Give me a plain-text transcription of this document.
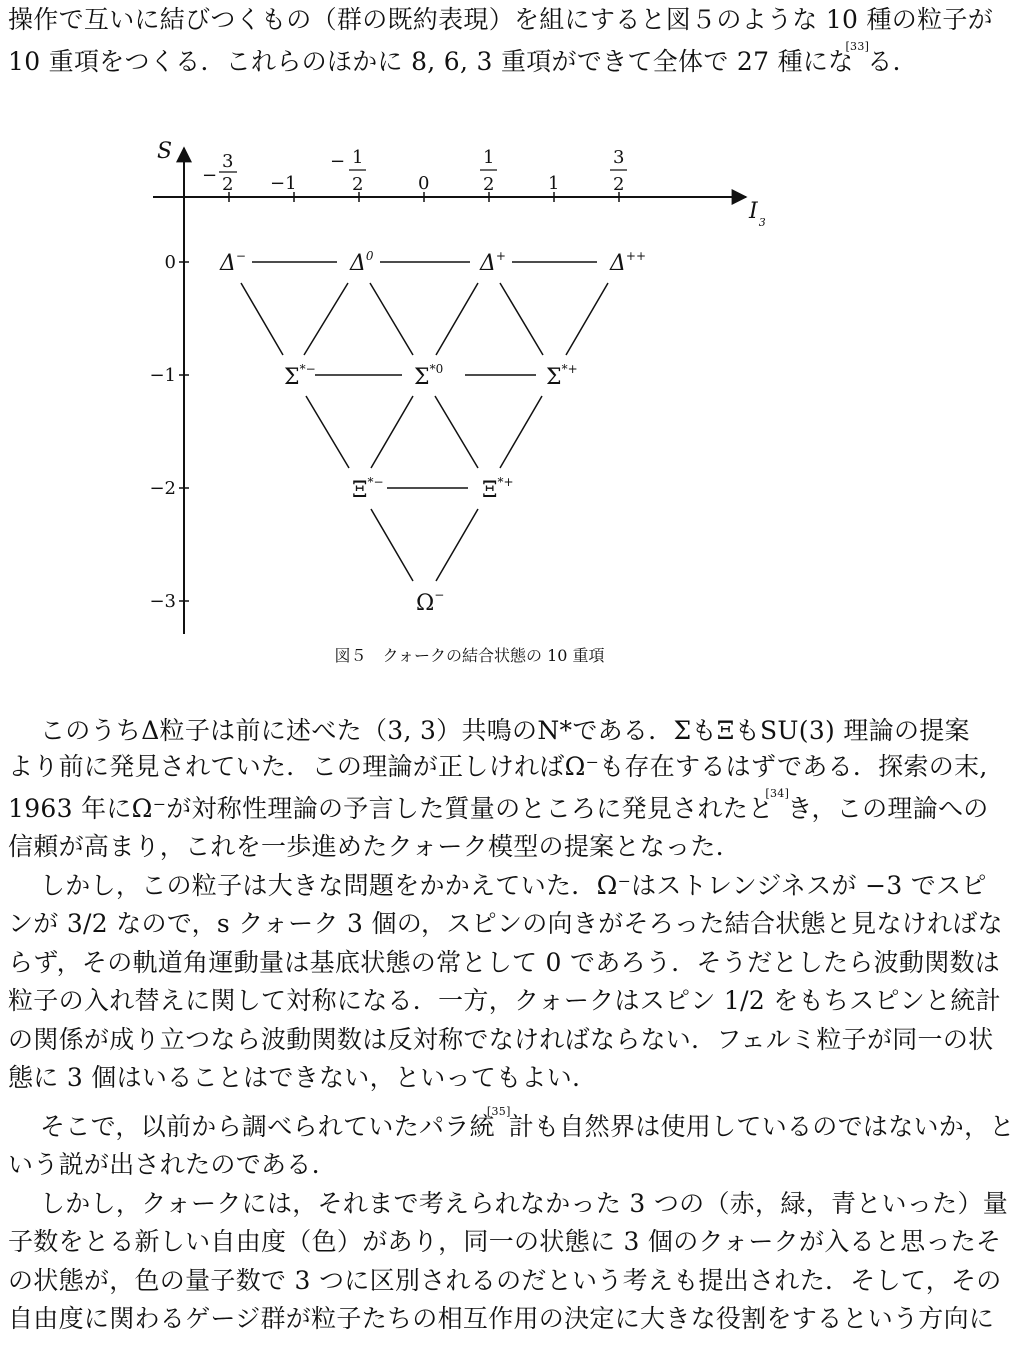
操作で互いに結びつくもの（群の既約表現）を組にすると図５のような 10 種の粒子が
10 重項をつくる．これらのほかに 8, 6, 3 重項ができて全体で 27 種にな[33]る.
S
$I_3$
−
3
2 −1
− 1
2	0
1
2	1
3
2
0
−1
−2
−3
Δ−	$\Delta^0$	Δ+	Δ++
Σ*−	$\Sigma^{*0}$	Σ*+
Ξ*−	Ξ*+
Ω−
図５　クォークの結合状態の 10 重項
このうちΔ粒子は前に述べた（3, 3）共鳴のN*である．ΣもΞもSU(3) 理論の提案
より前に発見されていた．この理論が正しければΩ⁻も存在するはずである．探索の末,
1963 年にΩ⁻が対称性理論の予言した質量のところに発見されたと[34]き，この理論への
信頼が高まり，これを一歩進めたクォーク模型の提案となった.
しかし，この粒子は大きな問題をかかえていた．Ω⁻はストレンジネスが −3 でスピ
ンが 3/2 なので，s クォーク 3 個の，スピンの向きがそろった結合状態と見なければな
らず，その軌道角運動量は基底状態の常として 0 であろう．そうだとしたら波動関数は
粒子の入れ替えに関して対称になる．一方，クォークはスピン 1/2 をもちスピンと統計
の関係が成り立つなら波動関数は反対称でなければならない．フェルミ粒子が同一の状
態に 3 個はいることはできない，といってもよい.
そこで，以前から調べられていたパラ統[35]計も自然界は使用しているのではないか，と
いう説が出されたのである.
しかし，クォークには，それまで考えられなかった 3 つの（赤，緑，青といった）量
子数をとる新しい自由度（色）があり，同一の状態に 3 個のクォークが入ると思ったそ
の状態が，色の量子数で 3 つに区別されるのだという考えも提出された．そして，その
自由度に関わるゲージ群が粒子たちの相互作用の決定に大きな役割をするという方向に
